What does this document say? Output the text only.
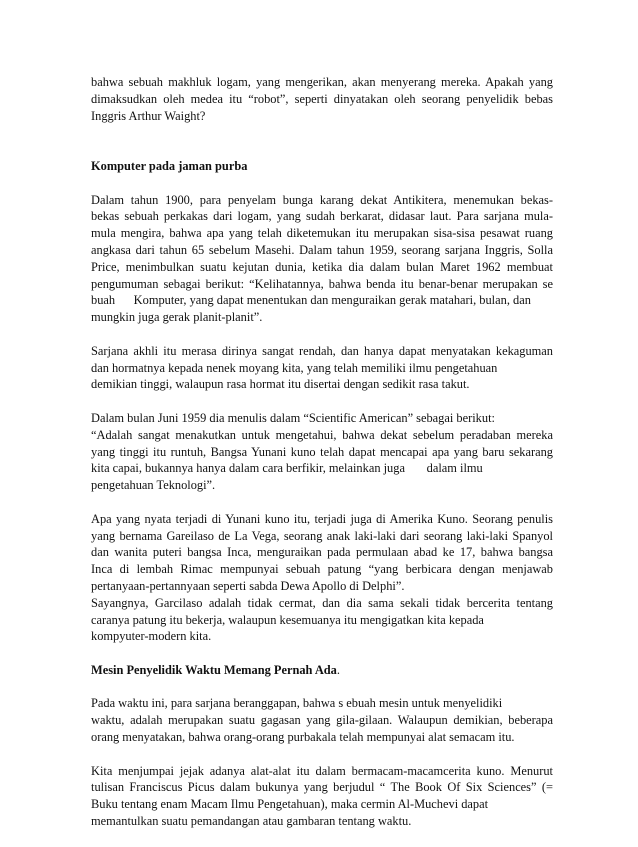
bahwa sebuah makhluk logam, yang mengerikan, akan menyerang mereka. Apakah yang
dimaksudkan oleh medea itu “robot”, seperti dinyatakan oleh seorang penyelidik bebas
Inggris Arthur Waight?

Komputer pada jaman purba

Dalam tahun 1900, para penyelam bunga karang dekat Antikitera, menemukan bekas-
bekas sebuah perkakas dari logam, yang sudah berkarat, didasar laut. Para sarjana mula-
mula mengira, bahwa apa yang telah diketemukan itu merupakan sisa-sisa pesawat ruang
angkasa dari tahun 65 sebelum Masehi. Dalam tahun 1959, seorang sarjana Inggris, Solla
Price, menimbulkan suatu kejutan dunia, ketika dia dalam bulan Maret 1962 membuat
pengumuman sebagai berikut: “Kelihatannya, bahwa benda itu benar-benar merupakan se
buah      Komputer, yang dapat menentukan dan menguraikan gerak matahari, bulan, dan
mungkin juga gerak planit-planit”.

Sarjana akhli itu merasa dirinya sangat rendah, dan hanya dapat menyatakan kekaguman
dan hormatnya kepada nenek moyang kita, yang telah memiliki ilmu pengetahuan
demikian tinggi, walaupun rasa hormat itu disertai dengan sedikit rasa takut.

Dalam bulan Juni 1959 dia menulis dalam “Scientific American” sebagai berikut:
“Adalah sangat menakutkan untuk mengetahui, bahwa dekat sebelum peradaban mereka
yang tinggi itu runtuh, Bangsa Yunani kuno telah dapat mencapai apa yang baru sekarang
kita capai, bukannya hanya dalam cara berfikir, melainkan juga       dalam ilmu
pengetahuan Teknologi”.

Apa yang nyata terjadi di Yunani kuno itu, terjadi juga di Amerika Kuno. Seorang penulis
yang bernama Gareilaso de La Vega, seorang anak laki-laki dari seorang laki-laki Spanyol
dan wanita puteri bangsa Inca, menguraikan pada permulaan abad ke 17, bahwa bangsa
Inca di lembah Rimac mempunyai sebuah patung “yang berbicara dengan menjawab
pertanyaan-pertannyaan seperti sabda Dewa Apollo di Delphi”.

Sayangnya, Garcilaso adalah tidak cermat, dan dia sama sekali tidak bercerita tentang
caranya patung itu bekerja, walaupun kesemuanya itu mengigatkan kita kepada
kompyuter-modern kita.

Mesin Penyelidik Waktu Memang Pernah Ada.

Pada waktu ini, para sarjana beranggapan, bahwa s ebuah mesin untuk menyelidiki
waktu, adalah merupakan suatu gagasan yang gila-gilaan. Walaupun demikian, beberapa
orang menyatakan, bahwa orang-orang purbakala telah mempunyai alat semacam itu.

Kita menjumpai jejak adanya alat-alat itu dalam bermacam-macamcerita kuno. Menurut
tulisan Franciscus Picus dalam bukunya yang berjudul “ The Book Of Six Sciences” (=
Buku tentang enam Macam Ilmu Pengetahuan), maka cermin Al-Muchevi dapat
memantulkan suatu pemandangan atau gambaran tentang waktu.
